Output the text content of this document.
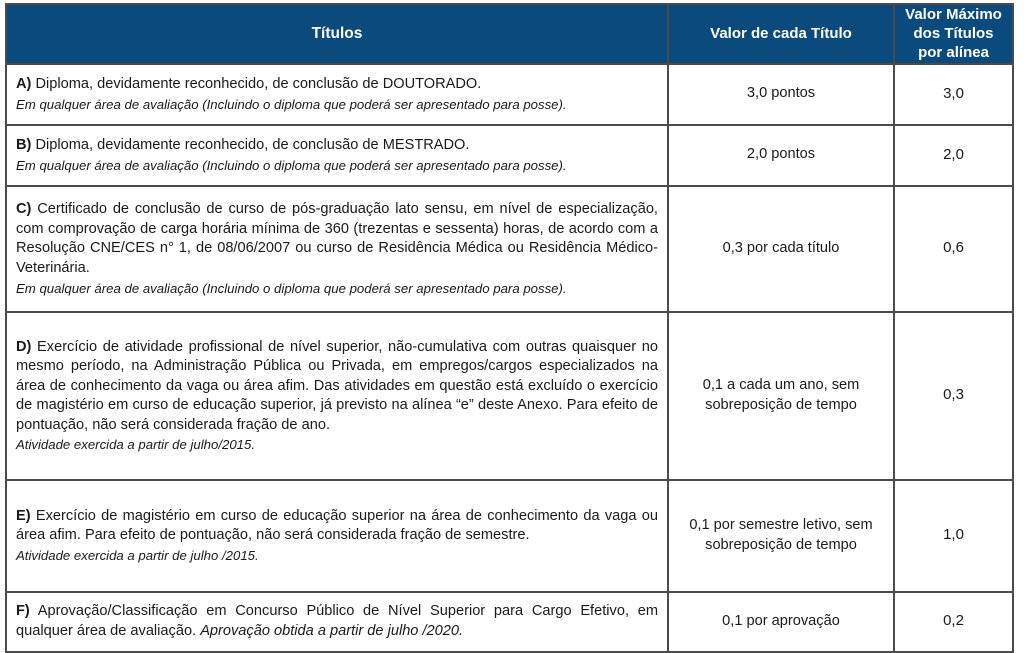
Títulos	Valor de cada Título	Valor Máximo
dos Títulos
por alínea

A) Diploma, devidamente reconhecido, de conclusão de DOUTORADO.
Em qualquer área de avaliação (Incluindo o diploma que poderá ser apresentado para posse).	3,0 pontos	3,0

B) Diploma, devidamente reconhecido, de conclusão de MESTRADO.
Em qualquer área de avaliação (Incluindo o diploma que poderá ser apresentado para posse).	2,0 pontos	2,0

C) Certificado de conclusão de curso de pós-graduação lato sensu, em nível de especialização, com comprovação de carga horária mínima de 360 (trezentas e sessenta) horas, de acordo com a Resolução CNE/CES n° 1, de 08/06/2007 ou curso de Residência Médica ou Residência Médico-Veterinária.
Em qualquer área de avaliação (Incluindo o diploma que poderá ser apresentado para posse).	0,3 por cada título	0,6

D) Exercício de atividade profissional de nível superior, não-cumulativa com outras quaisquer no mesmo período, na Administração Pública ou Privada, em empregos/cargos especializados na área de conhecimento da vaga ou área afim. Das atividades em questão está excluído o exercício de magistério em curso de educação superior, já previsto na alínea “e” deste Anexo. Para efeito de pontuação, não será considerada fração de ano.
Atividade exercida a partir de julho/2015.	0,1 a cada um ano, sem sobreposição de tempo	0,3

E) Exercício de magistério em curso de educação superior na área de conhecimento da vaga ou área afim. Para efeito de pontuação, não será considerada fração de semestre.
Atividade exercida a partir de julho /2015.	0,1 por semestre letivo, sem sobreposição de tempo	1,0

F) Aprovação/Classificação em Concurso Público de Nível Superior para Cargo Efetivo, em qualquer área de avaliação. Aprovação obtida a partir de julho /2020.	0,1 por aprovação	0,2
